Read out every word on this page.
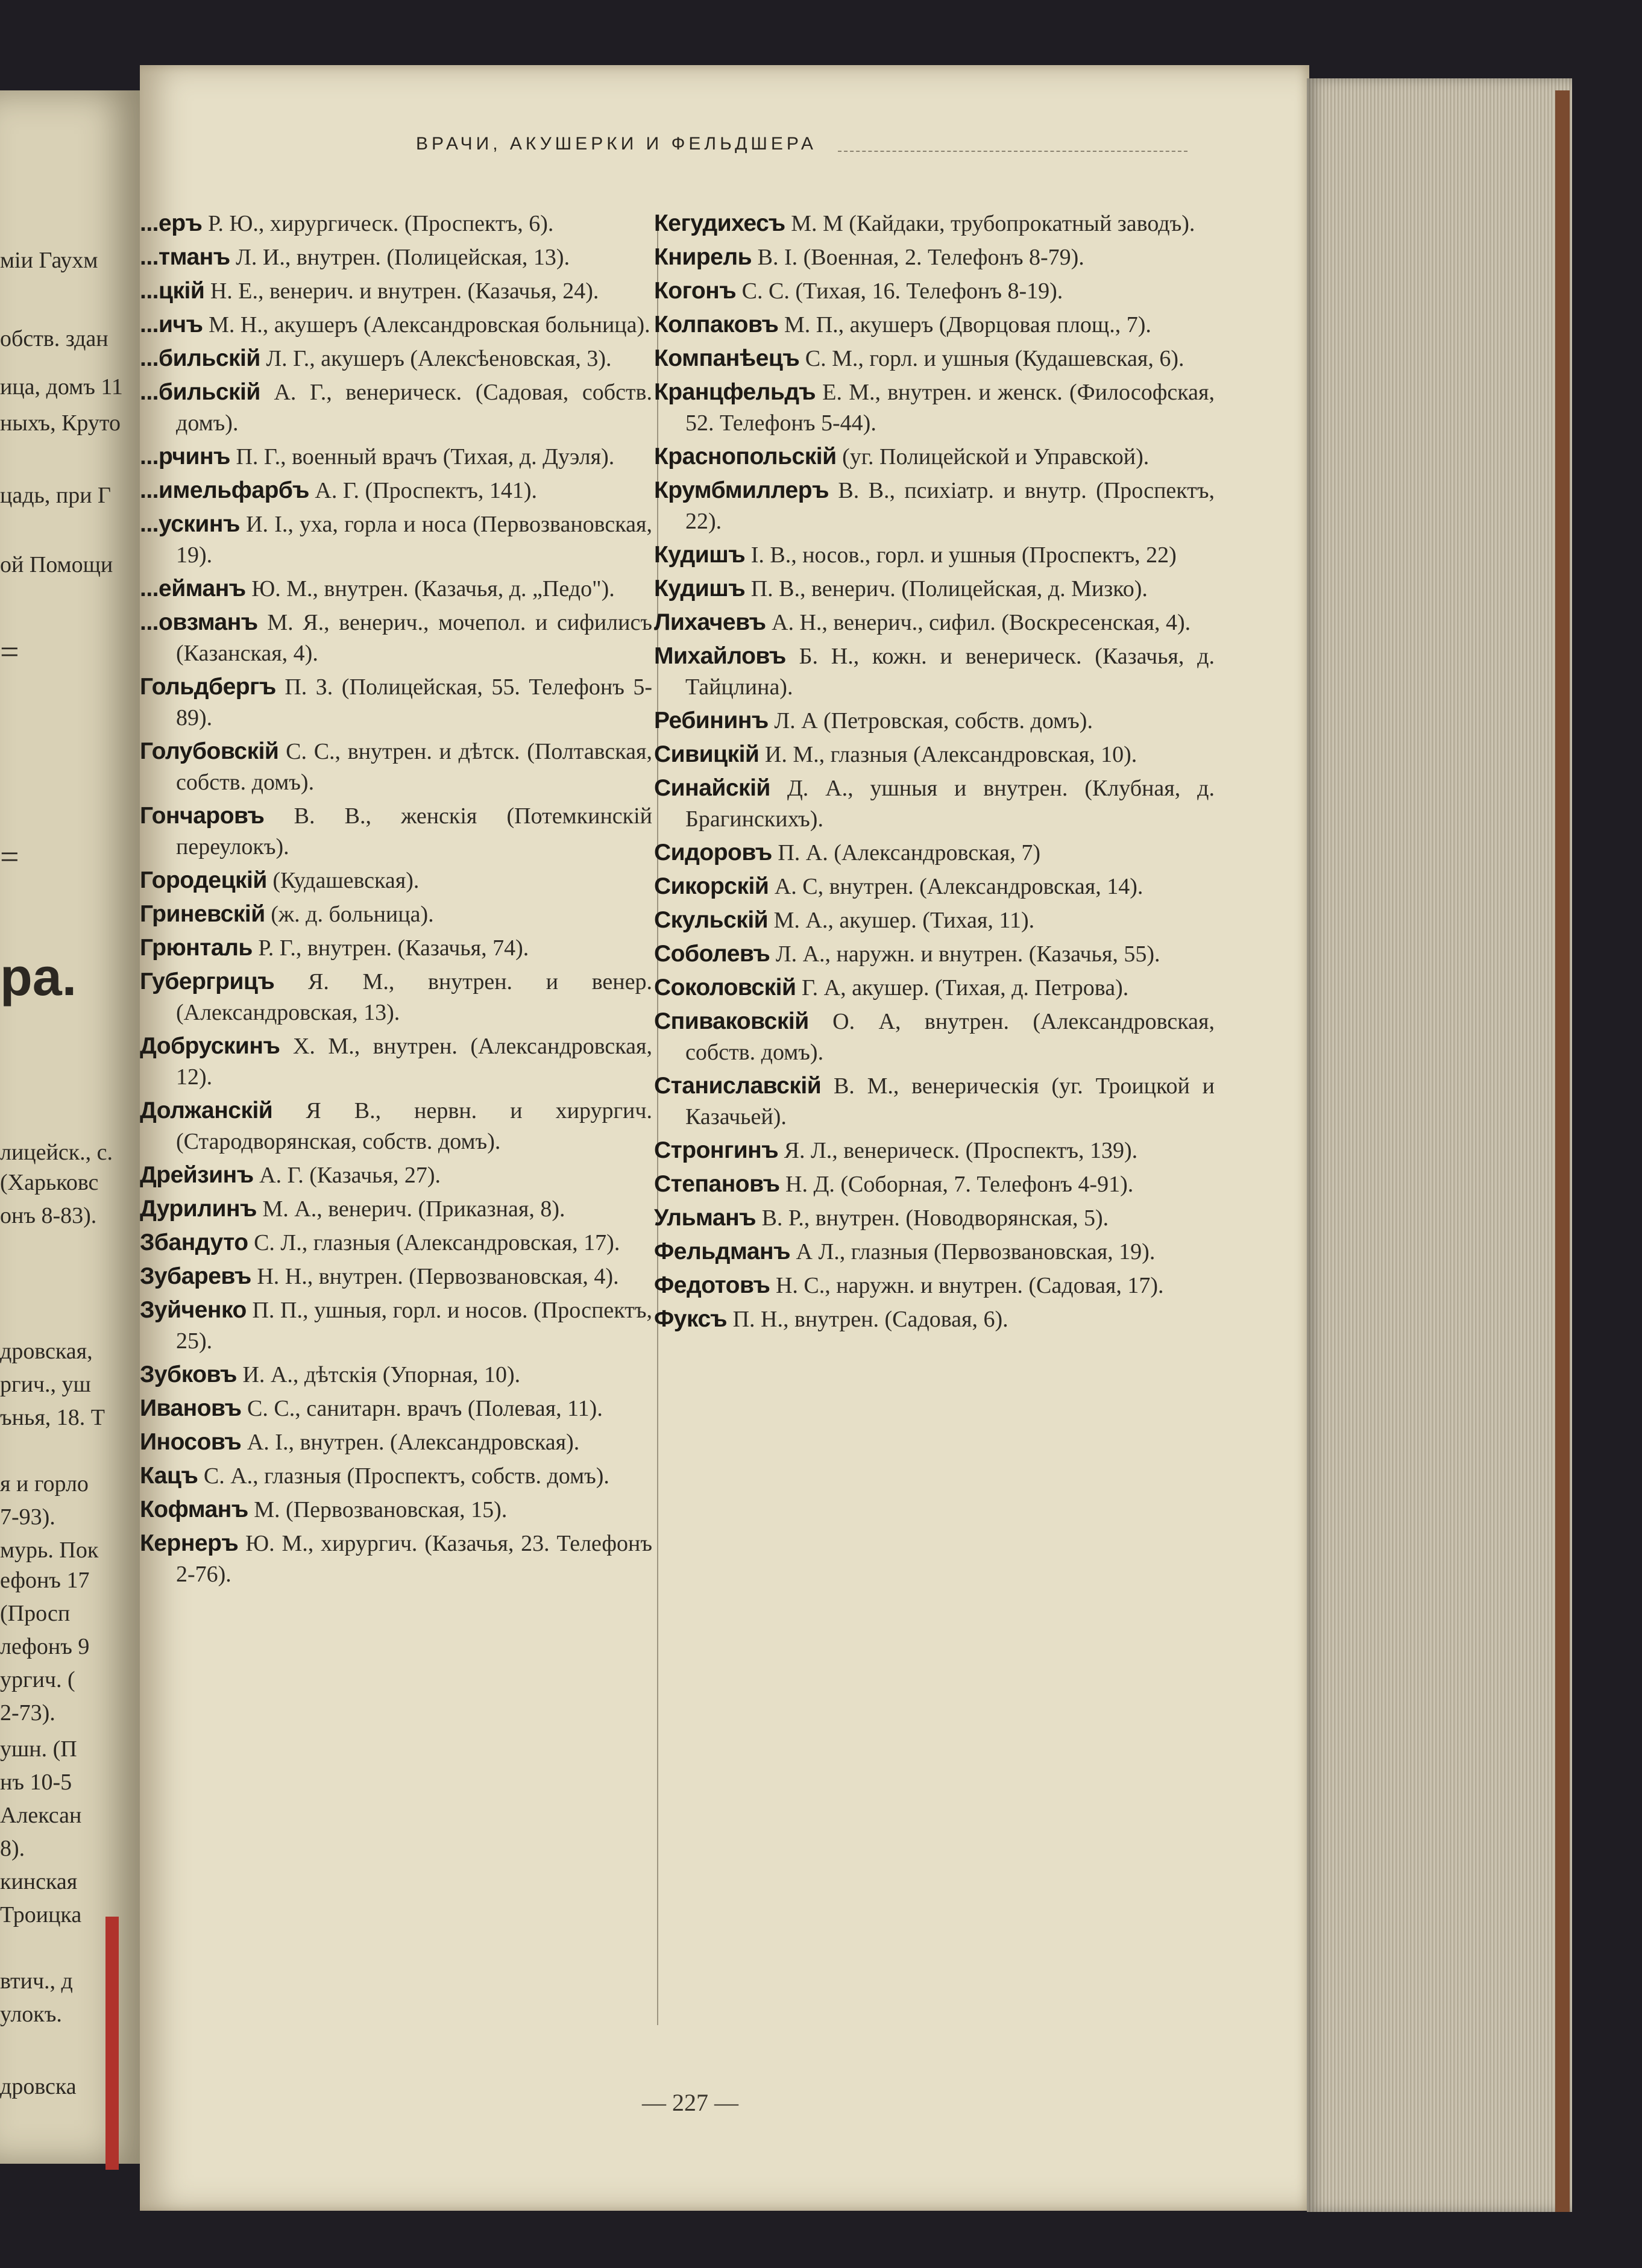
міи Гаухм
обств. здан
ица, домъ 11
ныхъ, Круто
цадь, при Г
ой Помощи
=
=
ра.
лицейск., с.
(Харьковс
онъ 8-83).
дровская,
ргич., уш
ънья, 18. Т
я и горло
7-93).
мурь. Пок
ефонъ 17
(Просп
лефонъ 9
ургич. (
2-73).
ушн. (П
нъ 10-5
Алексан
8).
кинская
Троицка
втич., д
улокъ.
дровска
ВРАЧИ, АКУШЕРКИ И ФЕЛЬДШЕРА
...еръ Р. Ю., хирургическ. (Проспектъ, 6).
...тманъ Л. И., внутрен. (Полицейская, 13).
...цкій Н. Е., венерич. и внутрен. (Казачья, 24).
...ичъ М. Н., акушеръ (Александровская больница).
...бильскій Л. Г., акушеръ (Алексѣеновская, 3).
...бильскій А. Г., венерическ. (Садовая, собств. домъ).
...рчинъ П. Г., военный врачъ (Тихая, д. Дуэля).
...имельфарбъ А. Г. (Проспектъ, 141).
...ускинъ И. І., уха, горла и носа (Первозвановская, 19).
...ейманъ Ю. М., внутрен. (Казачья, д. „Педо").
...овзманъ М. Я., венерич., мочепол. и сифилисъ (Казанская, 4).
Гольдбергъ П. З. (Полицейская, 55. Телефонъ 5-89).
Голубовскій С. С., внутрен. и дѣтск. (Полтавская, собств. домъ).
Гончаровъ В. В., женскія (Потемкинскій переулокъ).
Городецкій (Кудашевская).
Гриневскій (ж. д. больница).
Грюнталь Р. Г., внутрен. (Казачья, 74).
Губергрицъ Я. М., внутрен. и венер. (Александровская, 13).
Добрускинъ Х. М., внутрен. (Александровская, 12).
Должанскій Я В., нервн. и хирургич. (Стародворянская, собств. домъ).
Дрейзинъ А. Г. (Казачья, 27).
Дурилинъ М. А., венерич. (Приказная, 8).
Збандуто С. Л., глазныя (Александровская, 17).
Зубаревъ Н. Н., внутрен. (Первозвановская, 4).
Зуйченко П. П., ушныя, горл. и носов. (Проспектъ, 25).
Зубковъ И. А., дѣтскія (Упорная, 10).
Ивановъ С. С., санитарн. врачъ (Полевая, 11).
Иносовъ А. І., внутрен. (Александровская).
Кацъ С. А., глазныя (Проспектъ, собств. домъ).
Кофманъ М. (Первозвановская, 15).
Кернеръ Ю. М., хирургич. (Казачья, 23. Телефонъ 2-76).
Кегудихесъ М. М (Кайдаки, трубопрокатный заводъ).
Книрель В. І. (Военная, 2. Телефонъ 8-79).
Когонъ С. С. (Тихая, 16. Телефонъ 8-19).
Колпаковъ М. П., акушеръ (Дворцовая площ., 7).
Компанѣецъ С. М., горл. и ушныя (Кудашевская, 6).
Кранцфельдъ Е. М., внутрен. и женск. (Философская, 52. Телефонъ 5-44).
Краснопольскій (уг. Полицейской и Управской).
Крумбмиллеръ В. В., психіатр. и внутр. (Проспектъ, 22).
Кудишъ І. В., носов., горл. и ушныя (Проспектъ, 22)
Кудишъ П. В., венерич. (Полицейская, д. Мизко).
Лихачевъ А. Н., венерич., сифил. (Воскресенская, 4).
Михайловъ Б. Н., кожн. и венерическ. (Казачья, д. Тайцлина).
Ребининъ Л. А (Петровская, собств. домъ).
Сивицкій И. М., глазныя (Александровская, 10).
Синайскій Д. А., ушныя и внутрен. (Клубная, д. Брагинскихъ).
Сидоровъ П. А. (Александровская, 7)
Сикорскій А. С, внутрен. (Александровская, 14).
Скульскій М. А., акушер. (Тихая, 11).
Соболевъ Л. А., наружн. и внутрен. (Казачья, 55).
Соколовскій Г. А, акушер. (Тихая, д. Петрова).
Спиваковскій О. А, внутрен. (Александровская, собств. домъ).
Станиславскій В. М., венерическія (уг. Троицкой и Казачьей).
Стронгинъ Я. Л., венерическ. (Проспектъ, 139).
Степановъ Н. Д. (Соборная, 7. Телефонъ 4-91).
Ульманъ В. Р., внутрен. (Новодворянская, 5).
Фельдманъ А Л., глазныя (Первозвановская, 19).
Федотовъ Н. С., наружн. и внутрен. (Садовая, 17).
Фуксъ П. Н., внутрен. (Садовая, 6).
— 227 —
